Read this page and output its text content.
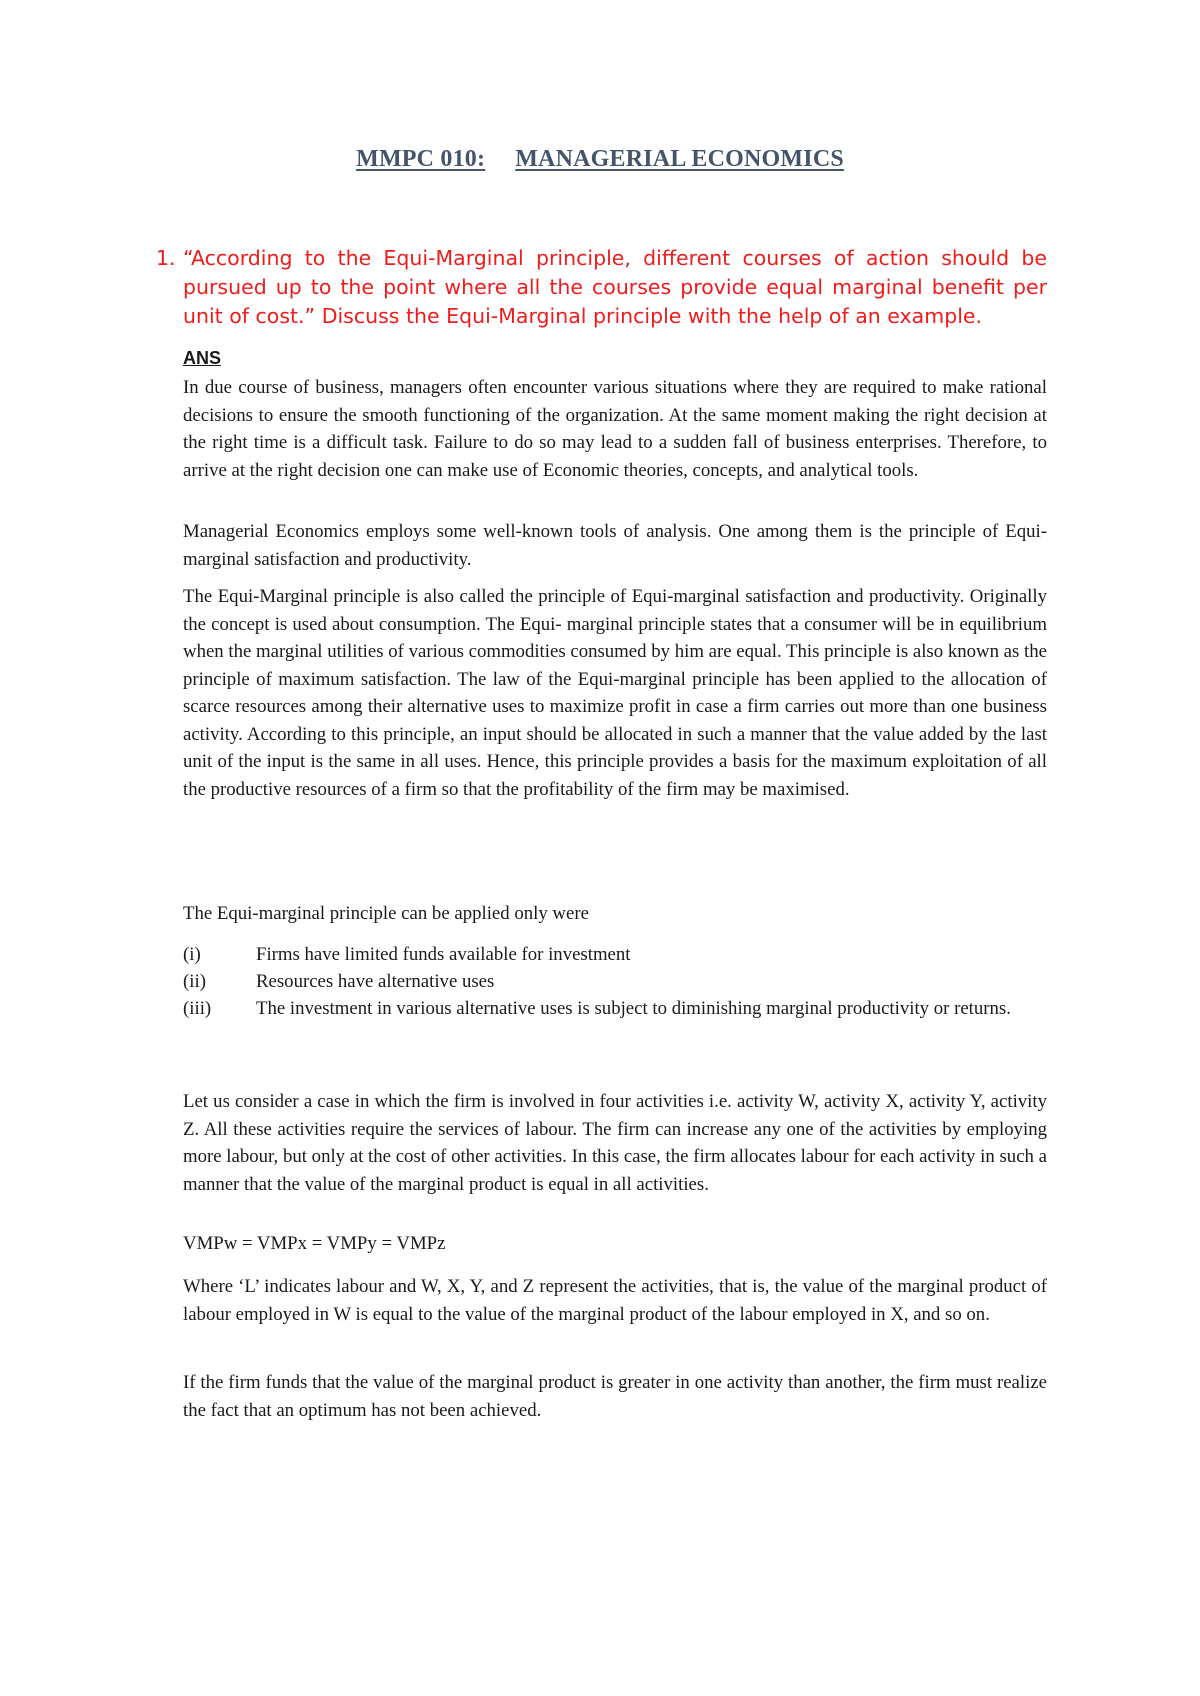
MMPC 010: MANAGERIAL ECONOMICS
1. “According to the Equi-Marginal principle, different courses of action should be pursued up to the point where all the courses provide equal marginal benefit per unit of cost.” Discuss the Equi-Marginal principle with the help of an example.
ANS

In due course of business, managers often encounter various situations where they are required to make rational decisions to ensure the smooth functioning of the organization. At the same moment making the right decision at the right time is a difficult task. Failure to do so may lead to a sudden fall of business enterprises. Therefore, to arrive at the right decision one can make use of Economic theories, concepts, and analytical tools.

Managerial Economics employs some well-known tools of analysis. One among them is the principle of Equi-marginal satisfaction and productivity.

The Equi-Marginal principle is also called the principle of Equi-marginal satisfaction and productivity. Originally the concept is used about consumption. The Equi- marginal principle states that a consumer will be in equilibrium when the marginal utilities of various commodities consumed by him are equal. This principle is also known as the principle of maximum satisfaction. The law of the Equi-marginal principle has been applied to the allocation of scarce resources among their alternative uses to maximize profit in case a firm carries out more than one business activity. According to this principle, an input should be allocated in such a manner that the value added by the last unit of the input is the same in all uses. Hence, this principle provides a basis for the maximum exploitation of all the productive resources of a firm so that the profitability of the firm may be maximised.

The Equi-marginal principle can be applied only were

(i)	Firms have limited funds available for investment
(ii)	Resources have alternative uses
(iii) The investment in various alternative uses is subject to diminishing marginal productivity or returns.

Let us consider a case in which the firm is involved in four activities i.e. activity W, activity X, activity Y, activity Z. All these activities require the services of labour. The firm can increase any one of the activities by employing more labour, but only at the cost of other activities. In this case, the firm allocates labour for each activity in such a manner that the value of the marginal product is equal in all activities.

VMPw = VMPx = VMPy = VMPz

Where ‘L’ indicates labour and W, X, Y, and Z represent the activities, that is, the value of the marginal product of labour employed in W is equal to the value of the marginal product of the labour employed in X, and so on.

If the firm funds that the value of the marginal product is greater in one activity than another, the firm must realize the fact that an optimum has not been achieved.
